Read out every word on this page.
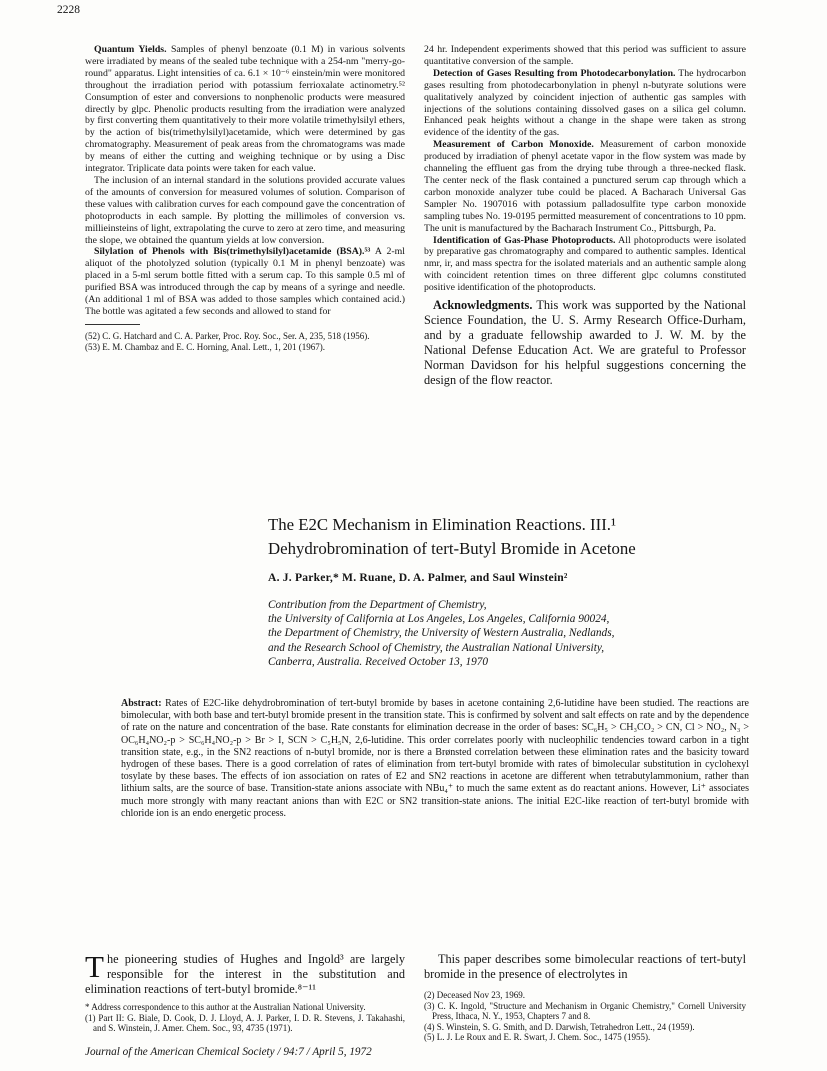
2228

Quantum Yields. Samples of phenyl benzoate (0.1 M) in various solvents were irradiated by means of the sealed tube technique with a 254-nm "merry-go-round" apparatus. Light intensities of ca. 6.1 × 10⁻⁶ einstein/min were monitored throughout the irradiation period with potassium ferrioxalate actinometry.⁵² Consumption of ester and conversions to nonphenolic products were measured directly by glpc. Phenolic products resulting from the irradiation were analyzed by first converting them quantitatively to their more volatile trimethylsilyl ethers, by the action of bis(trimethylsilyl)acetamide, which were determined by gas chromatography. Measurement of peak areas from the chromatograms was made by means of either the cutting and weighing technique or by using a Disc integrator. Triplicate data points were taken for each value.

The inclusion of an internal standard in the solutions provided accurate values of the amounts of conversion for measured volumes of solution. Comparison of these values with calibration curves for each compound gave the concentration of photoproducts in each sample. By plotting the millimoles of conversion vs. millieinsteins of light, extrapolating the curve to zero at zero time, and measuring the slope, we obtained the quantum yields at low conversion.

Silylation of Phenols with Bis(trimethylsilyl)acetamide (BSA).⁵³ A 2-ml aliquot of the photolyzed solution (typically 0.1 M in phenyl benzoate) was placed in a 5-ml serum bottle fitted with a serum cap. To this sample 0.5 ml of purified BSA was introduced through the cap by means of a syringe and needle. (An additional 1 ml of BSA was added to those samples which contained acid.) The bottle was agitated a few seconds and allowed to stand for

(52) C. G. Hatchard and C. A. Parker, Proc. Roy. Soc., Ser. A, 235, 518 (1956).

(53) E. M. Chambaz and E. C. Horning, Anal. Lett., 1, 201 (1967).

24 hr. Independent experiments showed that this period was sufficient to assure quantitative conversion of the sample.

Detection of Gases Resulting from Photodecarbonylation. The hydrocarbon gases resulting from photodecarbonylation in phenyl n-butyrate solutions were qualitatively analyzed by coincident injection of authentic gas samples with injections of the solutions containing dissolved gases on a silica gel column. Enhanced peak heights without a change in the shape were taken as strong evidence of the identity of the gas.

Measurement of Carbon Monoxide. Measurement of carbon monoxide produced by irradiation of phenyl acetate vapor in the flow system was made by channeling the effluent gas from the drying tube through a three-necked flask. The center neck of the flask contained a punctured serum cap through which a carbon monoxide analyzer tube could be placed. A Bacharach Universal Gas Sampler No. 1907016 with potassium palladosulfite type carbon monoxide sampling tubes No. 19-0195 permitted measurement of concentrations to 10 ppm. The unit is manufactured by the Bacharach Instrument Co., Pittsburgh, Pa.

Identification of Gas-Phase Photoproducts. All photoproducts were isolated by preparative gas chromatography and compared to authentic samples. Identical nmr, ir, and mass spectra for the isolated materials and an authentic sample along with coincident retention times on three different glpc columns constituted positive identification of the photoproducts.

Acknowledgments. This work was supported by the National Science Foundation, the U. S. Army Research Office-Durham, and by a graduate fellowship awarded to J. W. M. by the National Defense Education Act. We are grateful to Professor Norman Davidson for his helpful suggestions concerning the design of the flow reactor.

The E2C Mechanism in Elimination Reactions. III.¹
Dehydrobromination of tert-Butyl Bromide in Acetone
A. J. Parker,* M. Ruane, D. A. Palmer, and Saul Winstein²
Contribution from the Department of Chemistry,
the University of California at Los Angeles, Los Angeles, California 90024,
the Department of Chemistry, the University of Western Australia, Nedlands,
and the Research School of Chemistry, the Australian National University,
Canberra, Australia. Received October 13, 1970
Abstract: Rates of E2C-like dehydrobromination of tert-butyl bromide by bases in acetone containing 2,6-lutidine have been studied. The reactions are bimolecular, with both base and tert-butyl bromide present in the transition state. This is confirmed by solvent and salt effects on rate and by the dependence of rate on the nature and concentration of the base. Rate constants for elimination decrease in the order of bases: SC₆H₅ > CH₃CO₂ > CN, Cl > NO₂, N₃ > OC₆H₄NO₂-p > SC₆H₄NO₂-p > Br > I, SCN > C₅H₅N, 2,6-lutidine. This order correlates poorly with nucleophilic tendencies toward carbon in a tight transition state, e.g., in the SN2 reactions of n-butyl bromide, nor is there a Brønsted correlation between these elimination rates and the basicity toward hydrogen of these bases. There is a good correlation of rates of elimination from tert-butyl bromide with rates of bimolecular substitution in cyclohexyl tosylate by these bases. The effects of ion association on rates of E2 and SN2 reactions in acetone are different when tetrabutylammonium, rather than lithium salts, are the source of base. Transition-state anions associate with NBu₄⁺ to much the same extent as do reactant anions. However, Li⁺ associates much more strongly with many reactant anions than with E2C or SN2 transition-state anions. The initial E2C-like reaction of tert-butyl bromide with chloride ion is an endo energetic process.
The pioneering studies of Hughes and Ingold³ are largely responsible for the interest in the substitution and elimination reactions of tert-butyl bromide.⁸⁻¹¹

* Address correspondence to this author at the Australian National University.

(1) Part II: G. Biale, D. Cook, D. J. Lloyd, A. J. Parker, I. D. R. Stevens, J. Takahashi, and S. Winstein, J. Amer. Chem. Soc., 93, 4735 (1971).

This paper describes some bimolecular reactions of tert-butyl bromide in the presence of electrolytes in

(2) Deceased Nov 23, 1969.

(3) C. K. Ingold, "Structure and Mechanism in Organic Chemistry," Cornell University Press, Ithaca, N. Y., 1953, Chapters 7 and 8.

(4) S. Winstein, S. G. Smith, and D. Darwish, Tetrahedron Lett., 24 (1959).

(5) L. J. Le Roux and E. R. Swart, J. Chem. Soc., 1475 (1955).

Journal of the American Chemical Society / 94:7 / April 5, 1972
